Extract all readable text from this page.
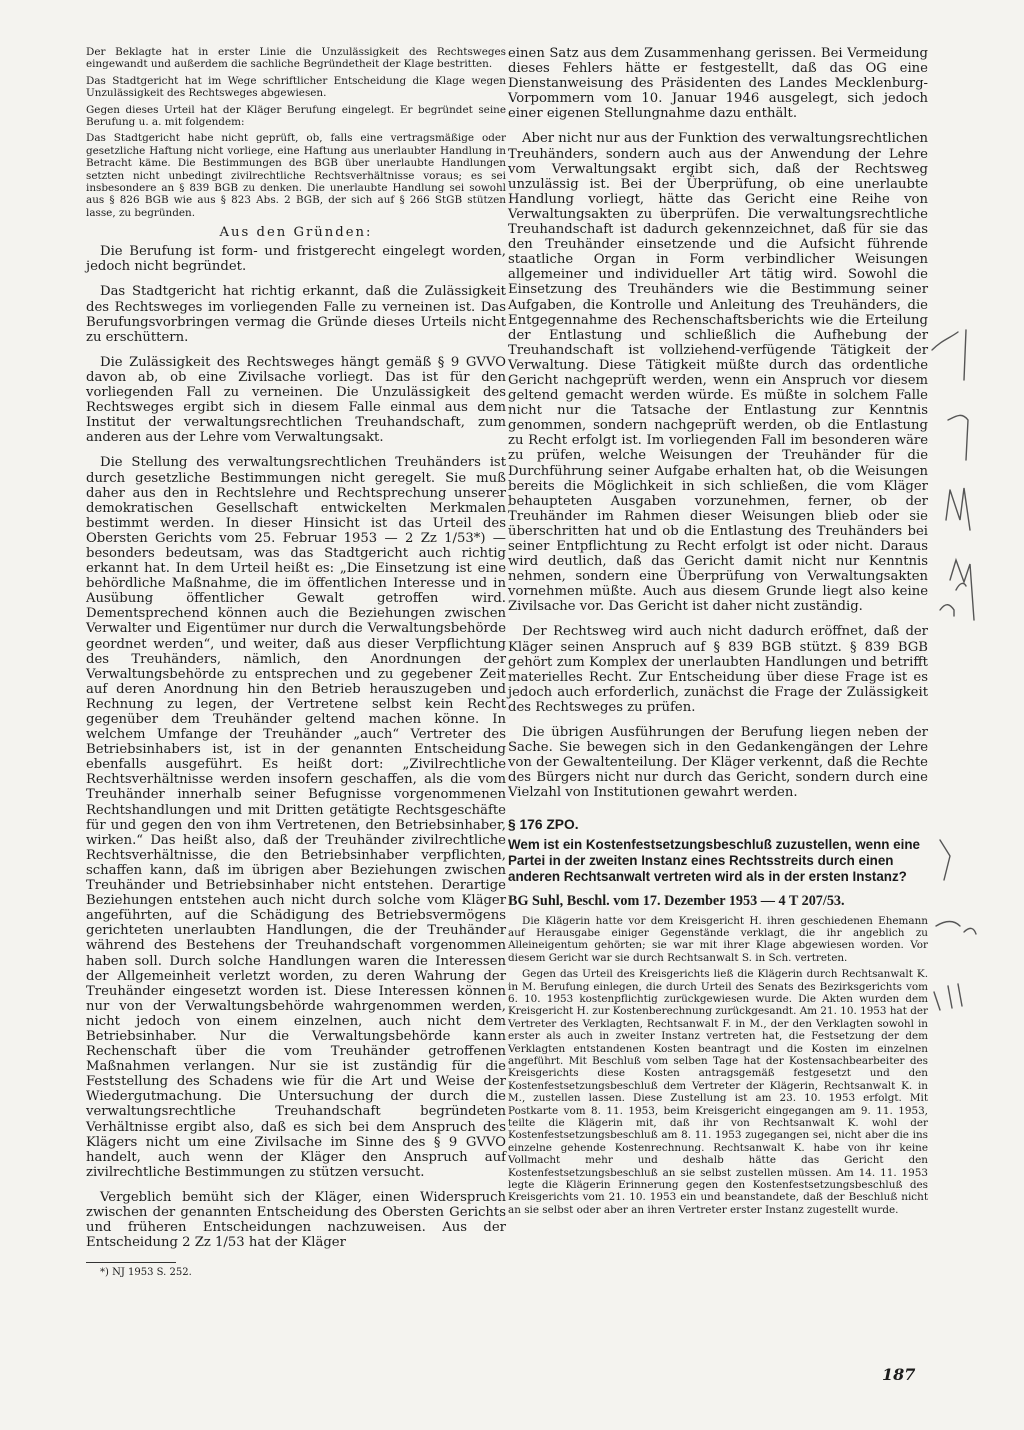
Der Beklagte hat in erster Linie die Unzulässigkeit des Rechtsweges eingewandt und außerdem die sachliche Begründetheit der Klage bestritten.

Das Stadtgericht hat im Wege schriftlicher Entscheidung die Klage wegen Unzulässigkeit des Rechtsweges abgewiesen.

Gegen dieses Urteil hat der Kläger Berufung eingelegt. Er begründet seine Berufung u. a. mit folgendem:

Das Stadtgericht habe nicht geprüft, ob, falls eine vertragsmäßige oder gesetzliche Haftung nicht vorliege, eine Haftung aus unerlaubter Handlung in Betracht käme. Die Bestimmungen des BGB über unerlaubte Handlungen setzten nicht unbedingt zivilrechtliche Rechtsverhältnisse voraus; es sei insbesondere an § 839 BGB zu denken. Die unerlaubte Handlung sei sowohl aus § 826 BGB wie aus § 823 Abs. 2 BGB, der sich auf § 266 StGB stützen lasse, zu begründen.

Aus den Gründen:

Die Berufung ist form- und fristgerecht eingelegt worden, jedoch nicht begründet.

Das Stadtgericht hat richtig erkannt, daß die Zulässigkeit des Rechtsweges im vorliegenden Falle zu verneinen ist. Das Berufungsvorbringen vermag die Gründe dieses Urteils nicht zu erschüttern.

Die Zulässigkeit des Rechtsweges hängt gemäß § 9 GVVO davon ab, ob eine Zivilsache vorliegt. Das ist für den vorliegenden Fall zu verneinen. Die Unzulässigkeit des Rechtsweges ergibt sich in diesem Falle einmal aus dem Institut der verwaltungsrechtlichen Treuhandschaft, zum anderen aus der Lehre vom Verwaltungsakt.

Die Stellung des verwaltungsrechtlichen Treuhänders ist durch gesetzliche Bestimmungen nicht geregelt. Sie muß daher aus den in Rechtslehre und Rechtsprechung unserer demokratischen Gesellschaft entwickelten Merkmalen bestimmt werden. In dieser Hinsicht ist das Urteil des Obersten Gerichts vom 25. Februar 1953 — 2 Zz 1/53*) — besonders bedeutsam, was das Stadtgericht auch richtig erkannt hat. In dem Urteil heißt es: „Die Einsetzung ist eine behördliche Maßnahme, die im öffentlichen Interesse und in Ausübung öffentlicher Gewalt getroffen wird. Dementsprechend können auch die Beziehungen zwischen Verwalter und Eigentümer nur durch die Verwaltungsbehörde geordnet werden“, und weiter, daß aus dieser Verpflichtung des Treuhänders, nämlich, den Anordnungen der Verwaltungsbehörde zu entsprechen und zu gegebener Zeit auf deren Anordnung hin den Betrieb herauszugeben und Rechnung zu legen, der Vertretene selbst kein Recht gegenüber dem Treuhänder geltend machen könne. In welchem Umfange der Treuhänder „auch“ Vertreter des Betriebsinhabers ist, ist in der genannten Entscheidung ebenfalls ausgeführt. Es heißt dort: „Zivilrechtliche Rechtsverhältnisse werden insofern geschaffen, als die vom Treuhänder innerhalb seiner Befugnisse vorgenommenen Rechtshandlungen und mit Dritten getätigte Rechtsgeschäfte für und gegen den von ihm Vertretenen, den Betriebsinhaber, wirken.“ Das heißt also, daß der Treuhänder zivilrechtliche Rechtsverhältnisse, die den Betriebsinhaber verpflichten, schaffen kann, daß im übrigen aber Beziehungen zwischen Treuhänder und Betriebsinhaber nicht entstehen. Derartige Beziehungen entstehen auch nicht durch solche vom Kläger angeführten, auf die Schädigung des Betriebsvermögens gerichteten unerlaubten Handlungen, die der Treuhänder während des Bestehens der Treuhandschaft vorgenommen haben soll. Durch solche Handlungen waren die Interessen der Allgemeinheit verletzt worden, zu deren Wahrung der Treuhänder eingesetzt worden ist. Diese Interessen können nur von der Verwaltungsbehörde wahrgenommen werden, nicht jedoch von einem einzelnen, auch nicht dem Betriebsinhaber. Nur die Verwaltungsbehörde kann Rechenschaft über die vom Treuhänder getroffenen Maßnahmen verlangen. Nur sie ist zuständig für die Feststellung des Schadens wie für die Art und Weise der Wiedergutmachung. Die Untersuchung der durch die verwaltungsrechtliche Treuhandschaft begründeten Verhältnisse ergibt also, daß es sich bei dem Anspruch des Klägers nicht um eine Zivilsache im Sinne des § 9 GVVO handelt, auch wenn der Kläger den Anspruch auf zivilrechtliche Bestimmungen zu stützen versucht.

Vergeblich bemüht sich der Kläger, einen Widerspruch zwischen der genannten Entscheidung des Obersten Gerichts und früheren Entscheidungen nachzuweisen. Aus der Entscheidung 2 Zz 1/53 hat der Kläger

*) NJ 1953 S. 252.

einen Satz aus dem Zusammenhang gerissen. Bei Vermeidung dieses Fehlers hätte er festgestellt, daß das OG eine Dienstanweisung des Präsidenten des Landes Mecklenburg-Vorpommern vom 10. Januar 1946 ausgelegt, sich jedoch einer eigenen Stellungnahme dazu enthält.

Aber nicht nur aus der Funktion des verwaltungsrechtlichen Treuhänders, sondern auch aus der Anwendung der Lehre vom Verwaltungsakt ergibt sich, daß der Rechtsweg unzulässig ist. Bei der Überprüfung, ob eine unerlaubte Handlung vorliegt, hätte das Gericht eine Reihe von Verwaltungsakten zu überprüfen. Die verwaltungsrechtliche Treuhandschaft ist dadurch gekennzeichnet, daß für sie das den Treuhänder einsetzende und die Aufsicht führende staatliche Organ in Form verbindlicher Weisungen allgemeiner und individueller Art tätig wird. Sowohl die Einsetzung des Treuhänders wie die Bestimmung seiner Aufgaben, die Kontrolle und Anleitung des Treuhänders, die Entgegennahme des Rechenschaftsberichts wie die Erteilung der Entlastung und schließlich die Aufhebung der Treuhandschaft ist vollziehend-verfügende Tätigkeit der Verwaltung. Diese Tätigkeit müßte durch das ordentliche Gericht nachgeprüft werden, wenn ein Anspruch vor diesem geltend gemacht werden würde. Es müßte in solchem Falle nicht nur die Tatsache der Entlastung zur Kenntnis genommen, sondern nachgeprüft werden, ob die Entlastung zu Recht erfolgt ist. Im vorliegenden Fall im besonderen wäre zu prüfen, welche Weisungen der Treuhänder für die Durchführung seiner Aufgabe erhalten hat, ob die Weisungen bereits die Möglichkeit in sich schließen, die vom Kläger behaupteten Ausgaben vorzunehmen, ferner, ob der Treuhänder im Rahmen dieser Weisungen blieb oder sie überschritten hat und ob die Entlastung des Treuhänders bei seiner Entpflichtung zu Recht erfolgt ist oder nicht. Daraus wird deutlich, daß das Gericht damit nicht nur Kenntnis nehmen, sondern eine Überprüfung von Verwaltungsakten vornehmen müßte. Auch aus diesem Grunde liegt also keine Zivilsache vor. Das Gericht ist daher nicht zuständig.

Der Rechtsweg wird auch nicht dadurch eröffnet, daß der Kläger seinen Anspruch auf § 839 BGB stützt. § 839 BGB gehört zum Komplex der unerlaubten Handlungen und betrifft materielles Recht. Zur Entscheidung über diese Frage ist es jedoch auch erforderlich, zunächst die Frage der Zulässigkeit des Rechtsweges zu prüfen.

Die übrigen Ausführungen der Berufung liegen neben der Sache. Sie bewegen sich in den Gedankengängen der Lehre von der Gewaltenteilung. Der Kläger verkennt, daß die Rechte des Bürgers nicht nur durch das Gericht, sondern durch eine Vielzahl von Institutionen gewahrt werden.

§ 176 ZPO.
Wem ist ein Kostenfestsetzungsbeschluß zuzustellen, wenn eine Partei in der zweiten Instanz eines Rechtsstreits durch einen anderen Rechtsanwalt vertreten wird als in der ersten Instanz?
BG Suhl, Beschl. vom 17. Dezember 1953 — 4 T 207/53.

Die Klägerin hatte vor dem Kreisgericht H. ihren geschiedenen Ehemann auf Herausgabe einiger Gegenstände verklagt, die ihr angeblich zu Alleineigentum gehörten; sie war mit ihrer Klage abgewiesen worden. Vor diesem Gericht war sie durch Rechtsanwalt S. in Sch. vertreten.

Gegen das Urteil des Kreisgerichts ließ die Klägerin durch Rechtsanwalt K. in M. Berufung einlegen, die durch Urteil des Senats des Bezirksgerichts vom 6. 10. 1953 kostenpflichtig zurückgewiesen wurde. Die Akten wurden dem Kreisgericht H. zur Kostenberechnung zurückgesandt. Am 21. 10. 1953 hat der Vertreter des Verklagten, Rechtsanwalt F. in M., der den Verklagten sowohl in erster als auch in zweiter Instanz vertreten hat, die Festsetzung der dem Verklagten entstandenen Kosten beantragt und die Kosten im einzelnen angeführt. Mit Beschluß vom selben Tage hat der Kostensachbearbeiter des Kreisgerichts diese Kosten antragsgemäß festgesetzt und den Kostenfestsetzungsbeschluß dem Vertreter der Klägerin, Rechtsanwalt K. in M., zustellen lassen. Diese Zustellung ist am 23. 10. 1953 erfolgt. Mit Postkarte vom 8. 11. 1953, beim Kreisgericht eingegangen am 9. 11. 1953, teilte die Klägerin mit, daß ihr von Rechtsanwalt K. wohl der Kostenfestsetzungsbeschluß am 8. 11. 1953 zugegangen sei, nicht aber die ins einzelne gehende Kostenrechnung. Rechtsanwalt K. habe von ihr keine Vollmacht mehr und deshalb hätte das Gericht den Kostenfestsetzungsbeschluß an sie selbst zustellen müssen. Am 14. 11. 1953 legte die Klägerin Erinnerung gegen den Kostenfestsetzungsbeschluß des Kreisgerichts vom 21. 10. 1953 ein und beanstandete, daß der Beschluß nicht an sie selbst oder aber an ihren Vertreter erster Instanz zugestellt wurde.

187
